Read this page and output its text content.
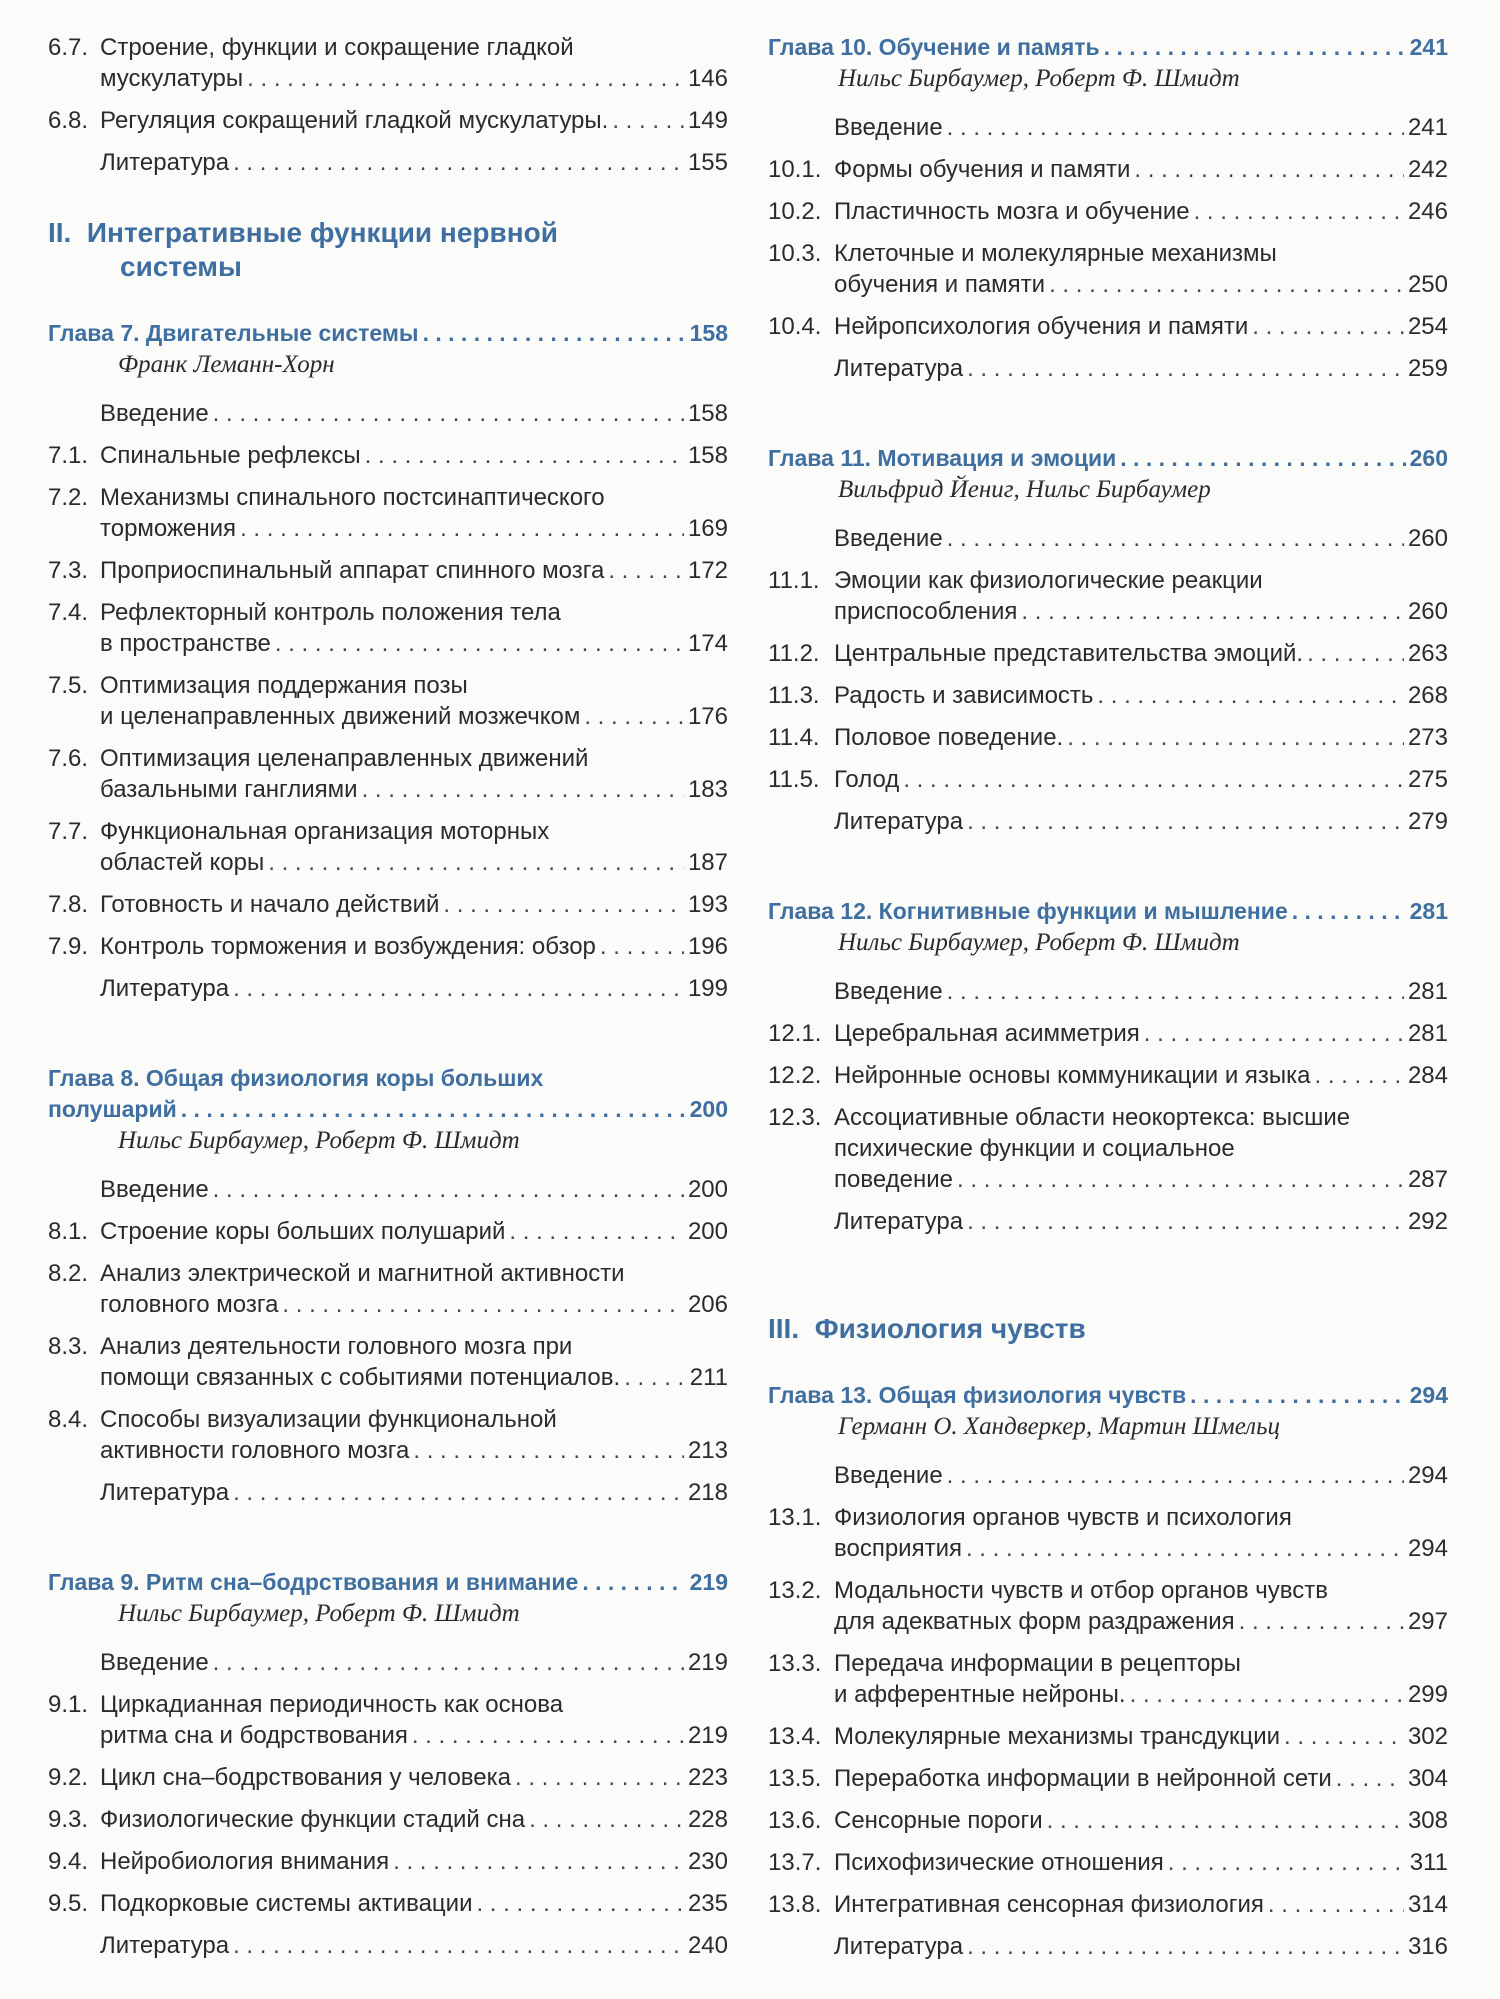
6.7. Строение, функции и сокращение гладкой
мускулатуры . . .	146
6.8. Регуляция сокращений гладкой мускулатуры. . . .	149
Литература . . .	155
II. Интегративные функции нервной
системы
Глава 7. Двигательные системы . . .	158
Франк Леманн-Хорн
Введение . . .	158
7.1. Спинальные рефлексы . . .	158
7.2. Механизмы спинального постсинаптического
торможения . . .	169
7.3. Проприоспинальный аппарат спинного мозга . . .	172
7.4. Рефлекторный контроль положения тела
в пространстве . . .	174
7.5. Оптимизация поддержания позы
и целенаправленных движений мозжечком . . .	176
7.6. Оптимизация целенаправленных движений
базальными ганглиями . . .	183
7.7. Функциональная организация моторных
областей коры . . .	187
7.8. Готовность и начало действий . . .	193
7.9. Контроль торможения и возбуждения: обзор . . .	196
Литература . . .	199
Глава 8. Общая физиология коры больших
полушарий . . .	200
Нильс Бирбаумер, Роберт Ф. Шмидт
Введение . . .	200
8.1. Строение коры больших полушарий . . .	200
8.2. Анализ электрической и магнитной активности
головного мозга . . .	206
8.3. Анализ деятельности головного мозга при
помощи связанных с событиями потенциалов. . . .	211
8.4. Способы визуализации функциональной
активности головного мозга . . .	213
Литература . . .	218
Глава 9. Ритм сна–бодрствования и внимание . . .	219
Нильс Бирбаумер, Роберт Ф. Шмидт
Введение . . .	219
9.1. Циркадианная периодичность как основа
ритма сна и бодрствования . . .	219
9.2. Цикл сна–бодрствования у человека . . .	223
9.3. Физиологические функции стадий сна . . .	228
9.4. Нейробиология внимания . . .	230
9.5. Подкорковые системы активации . . .	235
Литература . . .	240
Глава 10. Обучение и память . . .	241
Нильс Бирбаумер, Роберт Ф. Шмидт
Введение . . .	241
10.1. Формы обучения и памяти . . .	242
10.2. Пластичность мозга и обучение . . .	246
10.3. Клеточные и молекулярные механизмы
обучения и памяти . . .	250
10.4. Нейропсихология обучения и памяти . . .	254
Литература . . .	259
Глава 11. Мотивация и эмоции . . .	260
Вильфрид Йениг, Нильс Бирбаумер
Введение . . .	260
11.1. Эмоции как физиологические реакции
приспособления . . .	260
11.2. Центральные представительства эмоций. . . .	263
11.3. Радость и зависимость . . .	268
11.4. Половое поведение. . . .	273
11.5. Голод . . .	275
Литература . . .	279
Глава 12. Когнитивные функции и мышление . . .	281
Нильс Бирбаумер, Роберт Ф. Шмидт
Введение . . .	281
12.1. Церебральная асимметрия . . .	281
12.2. Нейронные основы коммуникации и языка . . .	284
12.3. Ассоциативные области неокортекса: высшие
психические функции и социальное
поведение . . .	287
Литература . . .	292
III. Физиология чувств
Глава 13. Общая физиология чувств . . .	294
Германн О. Хандверкер, Мартин Шмельц
Введение . . .	294
13.1. Физиология органов чувств и психология
восприятия . . .	294
13.2. Модальности чувств и отбор органов чувств
для адекватных форм раздражения . . .	297
13.3. Передача информации в рецепторы
и афферентные нейроны. . . .	299
13.4. Молекулярные механизмы трансдукции . . .	302
13.5. Переработка информации в нейронной сети . . .	304
13.6. Сенсорные пороги . . .	308
13.7. Психофизические отношения . . .	311
13.8. Интегративная сенсорная физиология . . .	314
Литература . . .	316
